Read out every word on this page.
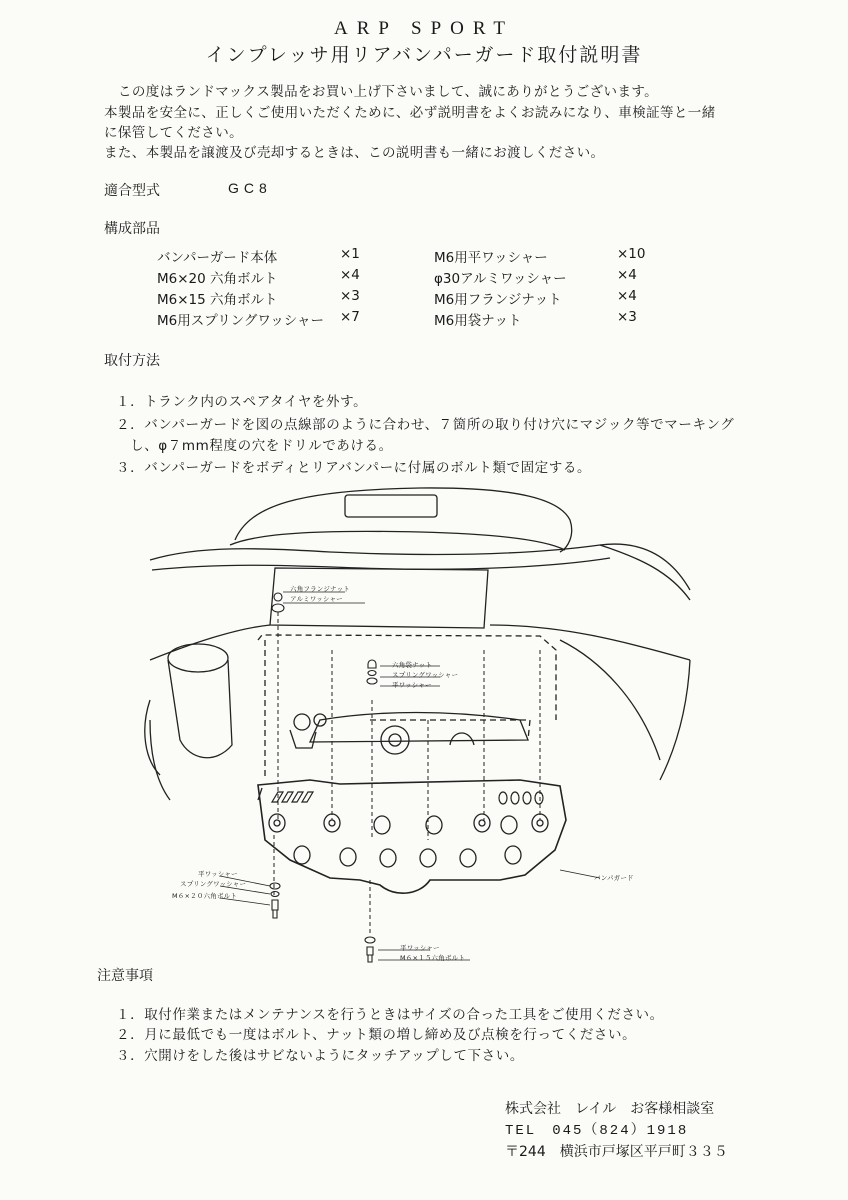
ARP SPORT
インプレッサ用リアバンパーガード取付説明書
この度はランドマックス製品をお買い上げ下さいまして、誠にありがとうございます。
本製品を安全に、正しくご使用いただくために、必ず説明書をよくお読みになり、車検証等と一緒
に保管してください。
また、本製品を譲渡及び売却するときは、この説明書も一緒にお渡しください。
適合型式	GC8
構成部品
バンパーガード本体	×1
M6×20 六角ボルト	×4
M6×15 六角ボルト	×3
M6用スプリングワッシャー ×7
M6用平ワッシャー	×10
φ30アルミワッシャー	×4
M6用フランジナット	×4
M6用袋ナット	×3
取付方法
１．トランク内のスペアタイヤを外す。
２．バンパーガードを図の点線部のように合わせ、７箇所の取り付け穴にマジック等でマーキング
　し、φ７mm程度の穴をドリルであける。
３．バンパーガードをボディとリアバンパーに付属のボルト類で固定する。
六角フランジナット
アルミワッシャー
六角袋ナット
スプリングワッシャー
平ワッシャー
バンパガード
平ワッシャー
スプリングワッシャー
M６×２０六角ボルト
平ワッシャー
M６×１５六角ボルト
注意事項
１．取付作業またはメンテナンスを行うときはサイズの合った工具をご使用ください。
２．月に最低でも一度はボルト、ナット類の増し締め及び点検を行ってください。
３．穴開けをした後はサビないようにタッチアップして下さい。
株式会社　レイル　お客様相談室
TEL　045（824）1918
〒244　横浜市戸塚区平戸町３３５
